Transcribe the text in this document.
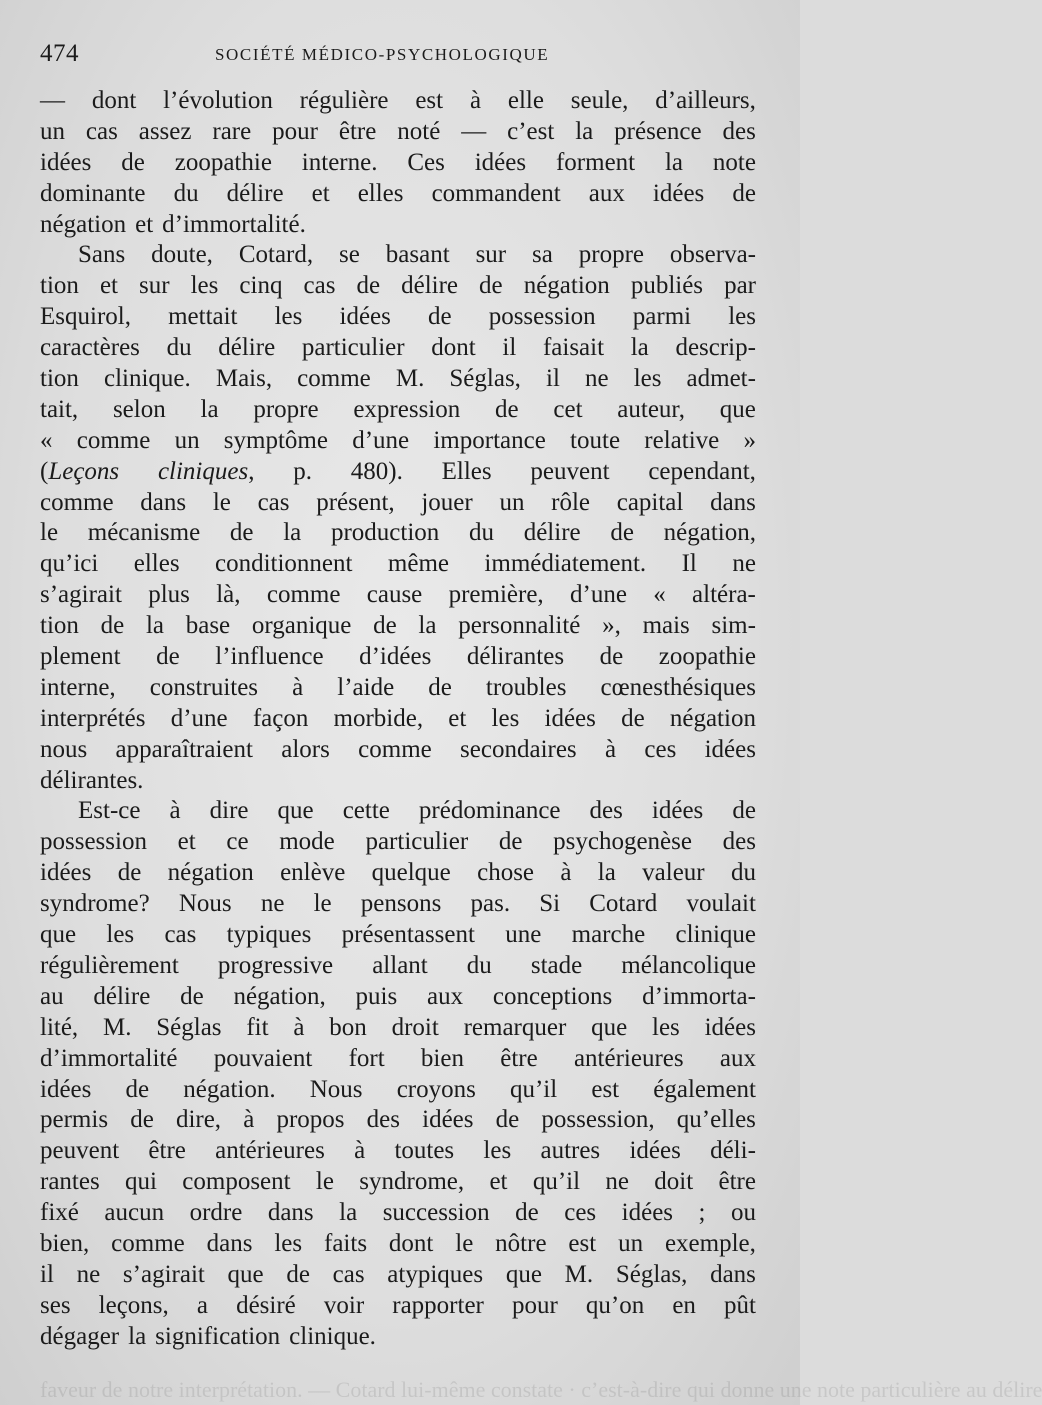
474	SOCIÉTÉ MÉDICO-PSYCHOLOGIQUE
— dont l’évolution régulière est à elle seule, d’ailleurs,
un cas assez rare pour être noté — c’est la présence des
idées de zoopathie interne. Ces idées forment la note
dominante du délire et elles commandent aux idées de
négation et d’immortalité.
Sans doute, Cotard, se basant sur sa propre observa-
tion et sur les cinq cas de délire de négation publiés par
Esquirol, mettait les idées de possession parmi les
caractères du délire particulier dont il faisait la descrip-
tion clinique. Mais, comme M. Séglas, il ne les admet-
tait, selon la propre expression de cet auteur, que
« comme un symptôme d’une importance toute relative »
(Leçons cliniques, p. 480). Elles peuvent cependant,
comme dans le cas présent, jouer un rôle capital dans
le mécanisme de la production du délire de négation,
qu’ici elles conditionnent même immédiatement. Il ne
s’agirait plus là, comme cause première, d’une « altéra-
tion de la base organique de la personnalité », mais sim-
plement de l’influence d’idées délirantes de zoopathie
interne, construites à l’aide de troubles cœnesthésiques
interprétés d’une façon morbide, et les idées de négation
nous apparaîtraient alors comme secondaires à ces idées
délirantes.
Est-ce à dire que cette prédominance des idées de
possession et ce mode particulier de psychogenèse des
idées de négation enlève quelque chose à la valeur du
syndrome? Nous ne le pensons pas. Si Cotard voulait
que les cas typiques présentassent une marche clinique
régulièrement progressive allant du stade mélancolique
au délire de négation, puis aux conceptions d’immorta-
lité, M. Séglas fit à bon droit remarquer que les idées
d’immortalité pouvaient fort bien être antérieures aux
idées de négation. Nous croyons qu’il est également
permis de dire, à propos des idées de possession, qu’elles
peuvent être antérieures à toutes les autres idées déli-
rantes qui composent le syndrome, et qu’il ne doit être
fixé aucun ordre dans la succession de ces idées ; ou
bien, comme dans les faits dont le nôtre est un exemple,
il ne s’agirait que de cas atypiques que M. Séglas, dans
ses leçons, a désiré voir rapporter pour qu’on en pût
dégager la signification clinique.
faveur de notre interprétation. — Cotard lui-même constate · c’est-à-dire qui donne une note particulière au délire
